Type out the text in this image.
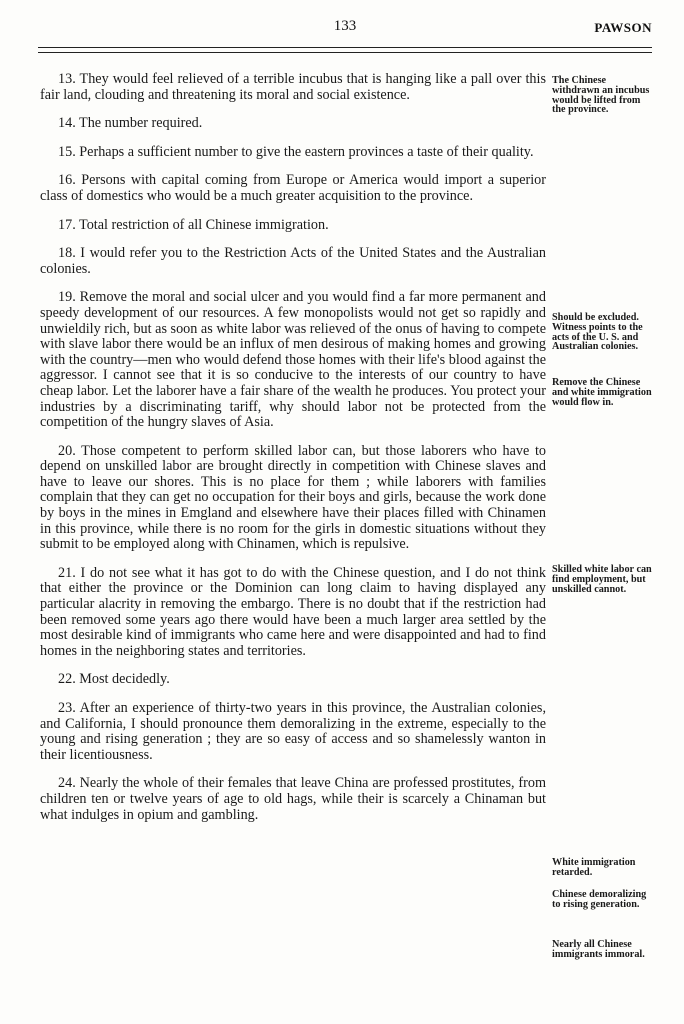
133	PAWSON

13. They would feel relieved of a terrible incubus that is hanging like a pall over this fair land, clouding and threatening its moral and social existence.

14. The number required.

15. Perhaps a sufficient number to give the eastern provinces a taste of their quality.

16. Persons with capital coming from Europe or America would import a superior class of domestics who would be a much greater acquisition to the province.

17. Total restriction of all Chinese immigration.

18. I would refer you to the Restriction Acts of the United States and the Australian colonies.

19. Remove the moral and social ulcer and you would find a far more permanent and speedy development of our resources. A few monopolists would not get so rapidly and unwieldily rich, but as soon as white labor was relieved of the onus of having to compete with slave labor there would be an influx of men desirous of making homes and growing with the country—men who would defend those homes with their life's blood against the aggressor. I cannot see that it is so conducive to the interests of our country to have cheap labor. Let the laborer have a fair share of the wealth he produces. You protect your industries by a discriminating tariff, why should labor not be protected from the competition of the hungry slaves of Asia.

20. Those competent to perform skilled labor can, but those laborers who have to depend on unskilled labor are brought directly in competition with Chinese slaves and have to leave our shores. This is no place for them ; while laborers with families complain that they can get no occupation for their boys and girls, because the work done by boys in the mines in Emgland and elsewhere have their places filled with Chinamen in this province, while there is no room for the girls in domestic situations without they submit to be employed along with Chinamen, which is repulsive.

21. I do not see what it has got to do with the Chinese question, and I do not think that either the province or the Dominion can long claim to having displayed any particular alacrity in removing the embargo. There is no doubt that if the restriction had been removed some years ago there would have been a much larger area settled by the most desirable kind of immigrants who came here and were disappointed and had to find homes in the neighboring states and territories.

22. Most decidedly.

23. After an experience of thirty-two years in this province, the Australian colonies, and California, I should pronounce them demoralizing in the extreme, especially to the young and rising generation ; they are so easy of access and so shamelessly wanton in their licentiousness.

24. Nearly the whole of their females that leave China are professed prostitutes, from children ten or twelve years of age to old hags, while their is scarcely a Chinaman but what indulges in opium and gambling.

The Chinese withdrawn an incubus would be lifted from the province.
Should be excluded. Witness points to the acts of the U. S. and Australian colonies.
Remove the Chinese and white immigration would flow in.
Skilled white labor can find employment, but unskilled cannot.
White immigration retarded.
Chinese demoralizing to rising generation.
Nearly all Chinese immigrants immoral.
